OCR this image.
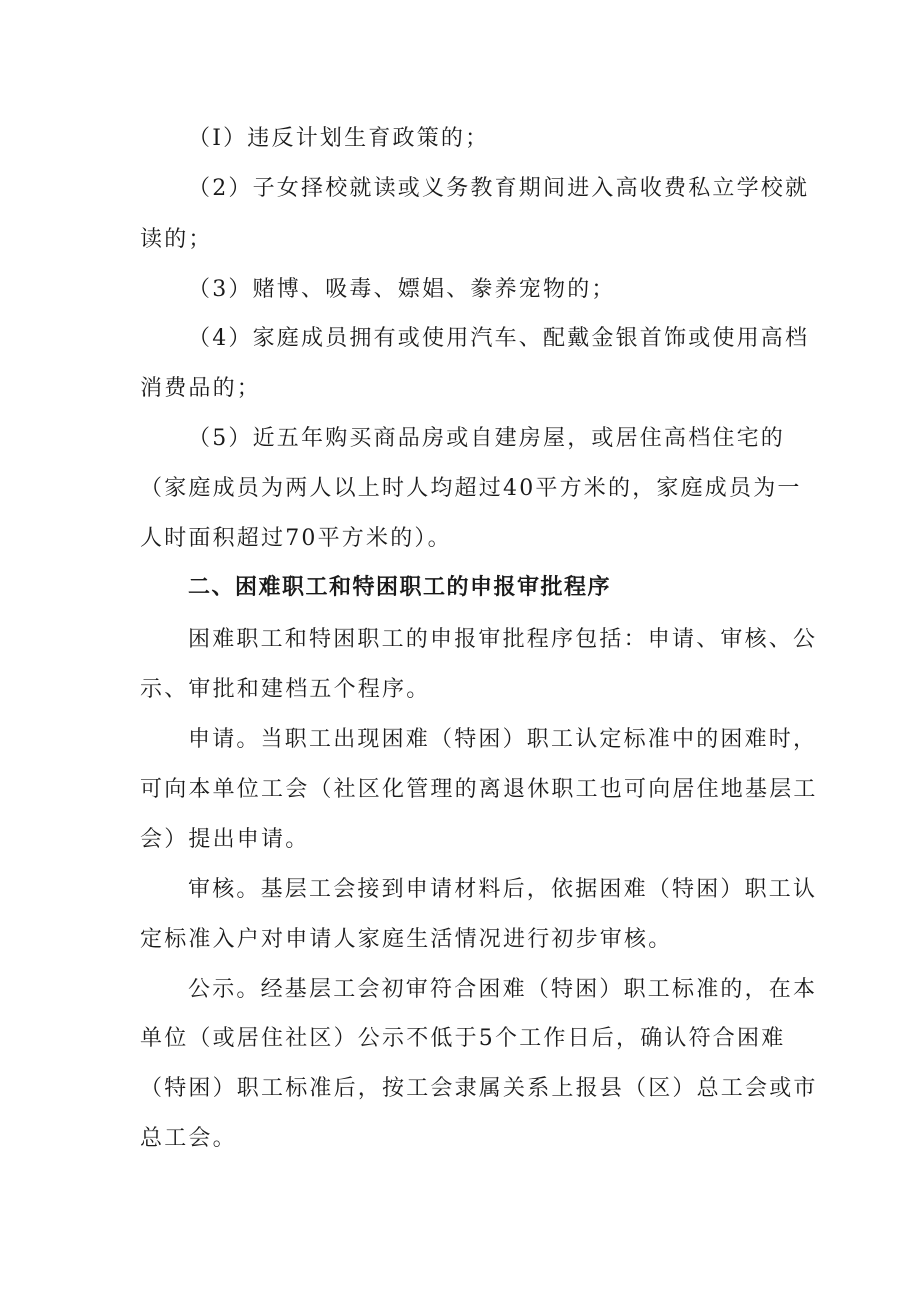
（I）违反计划生育政策的；
（2）子女择校就读或义务教育期间进入高收费私立学校就
读的；
（3）赌博、吸毒、嫖娼、豢养宠物的；
（4）家庭成员拥有或使用汽车、配戴金银首饰或使用高档
消费品的；
（5）近五年购买商品房或自建房屋，或居住高档住宅的
（家庭成员为两人以上时人均超过40平方米的，家庭成员为一
人时面积超过70平方米的）。
二、困难职工和特困职工的申报审批程序
困难职工和特困职工的申报审批程序包括：申请、审核、公
示、审批和建档五个程序。
申请。当职工出现困难（特困）职工认定标准中的困难时，
可向本单位工会（社区化管理的离退休职工也可向居住地基层工
会）提出申请。
审核。基层工会接到申请材料后，依据困难（特困）职工认
定标准入户对申请人家庭生活情况进行初步审核。
公示。经基层工会初审符合困难（特困）职工标准的，在本
单位（或居住社区）公示不低于5个工作日后，确认符合困难
（特困）职工标准后，按工会隶属关系上报县（区）总工会或市
总工会。
